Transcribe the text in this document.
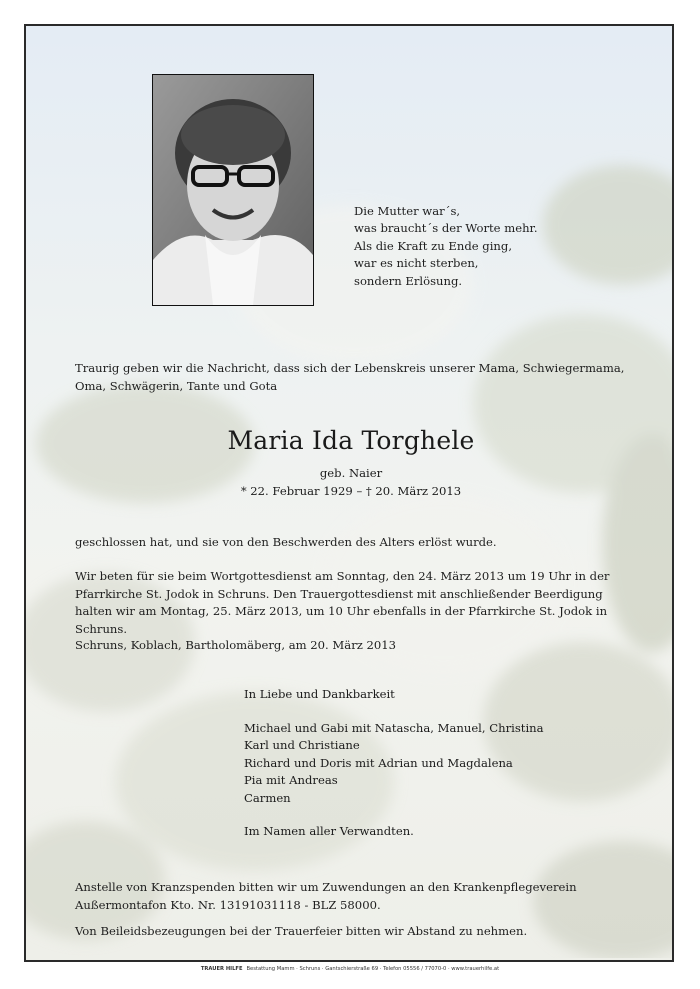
Die Mutter war´s,
was braucht´s der Worte mehr.
Als die Kraft zu Ende ging,
war es nicht sterben,
sondern Erlösung.
Traurig geben wir die Nachricht, dass sich der Lebenskreis unserer Mama, Schwiegermama, Oma, Schwägerin, Tante und Gota
Maria Ida Torghele
geb. Naier
* 22. Februar 1929 – † 20. März 2013
geschlossen hat, und sie von den Beschwerden des Alters erlöst wurde.
Wir beten für sie beim Wortgottesdienst am Sonntag, den 24. März 2013 um 19 Uhr in der Pfarrkirche St. Jodok in Schruns. Den Trauergottesdienst mit anschließender Beerdigung halten wir am Montag, 25. März 2013, um 10 Uhr ebenfalls in der Pfarrkirche St. Jodok in Schruns.
Schruns, Koblach, Bartholomäberg, am 20. März 2013
In Liebe und Dankbarkeit
Michael und Gabi mit Natascha, Manuel, Christina
Karl und Christiane
Richard und Doris mit Adrian und Magdalena
Pia mit Andreas
Carmen
Im Namen aller Verwandten.
Anstelle von Kranzspenden bitten wir um Zuwendungen an den Krankenpflegeverein Außermontafon Kto. Nr. 13191031118 - BLZ 58000.
Von Beileidsbezeugungen bei der Trauerfeier bitten wir Abstand zu nehmen.
TRAUER HILFE Bestattung Mamm · Schruns · Gantschierstraße 69 · Telefon 05556 / 77070-0 · www.trauerhilfe.at
